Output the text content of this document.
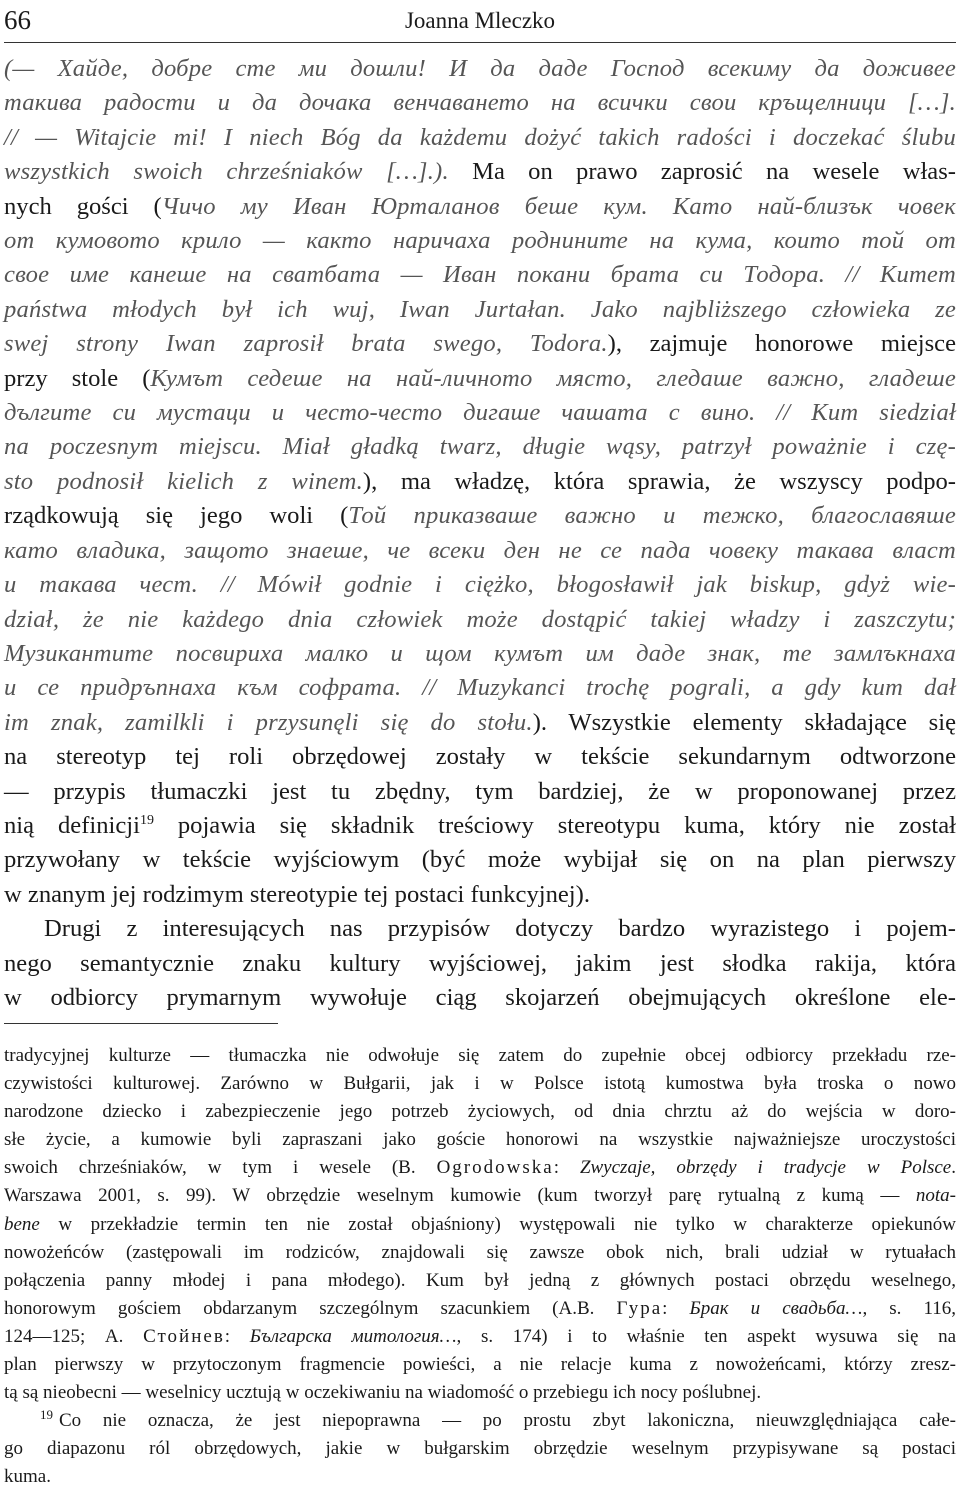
66	Joanna Mleczko

(— Хайде, добре сте ми дошли! И да даде Господ всекиму да доживее

такива радости и да дочака венчаването на всички свои кръщелници […].

// — Witajcie mi! I niech Bóg da każdemu dożyć takich radości i doczekać ślubu

wszystkich swoich chrześniaków […].). Ma on prawo zaprosić na wesele włas-

nych gości (Чичо му Иван Юрталанов беше кум. Като най-близък човек

от кумовото крило — както наричаха роднините на кума, които той от

свое име канеше на сватбата — Иван покани брата си Тодора. // Kumem

państwa młodych był ich wuj, Iwan Jurtałan. Jako najbliższego człowieka ze

swej strony Iwan zaprosił brata swego, Todora.), zajmuje honorowe miejsce

przy stole (Кумът седеше на най-личното място, гледаше важно, гладеше

дългите си мустаци и често-често дигаше чашата с вино. // Kum siedział

na poczesnym miejscu. Miał gładką twarz, długie wąsy, patrzył poważnie i czę-

sto podnosił kielich z winem.), ma władzę, która sprawia, że wszyscy podpo-

rządkowują się jego woli (Той приказваше важно и тежко, благославяше

като владика, защото знаеше, че всеки ден не се пада човеку такава власт

и такава чест. // Mówił godnie i ciężko, błogosławił jak biskup, gdyż wie-

dział, że nie każdego dnia człowiek może dostąpić takiej władzy i zaszczytu;

Музикантите посвириха малко и щом кумът им даде знак, те замлъкнаха

и се придръпнаха към софрата. // Muzykanci trochę pograli, a gdy kum dał

im znak, zamilkli i przysunęli się do stołu.). Wszystkie elementy składające się

na stereotyp tej roli obrzędowej zostały w tekście sekundarnym odtworzone

— przypis tłumaczki jest tu zbędny, tym bardziej, że w proponowanej przez

nią definicji$^{19}$ pojawia się składnik treściowy stereotypu kuma, który nie został

przywołany w tekście wyjściowym (być może wybijał się on na plan pierwszy

w znanym jej rodzimym stereotypie tej postaci funkcyjnej).

Drugi z interesujących nas przypisów dotyczy bardzo wyrazistego i pojem-

nego semantycznie znaku kultury wyjściowej, jakim jest słodka rakija, która

w odbiorcy prymarnym wywołuje ciąg skojarzeń obejmujących określone ele-

tradycyjnej kulturze — tłumaczka nie odwołuje się zatem do zupełnie obcej odbiorcy przekładu rze-

czywistości kulturowej. Zarówno w Bułgarii, jak i w Polsce istotą kumostwa była troska o nowo

narodzone dziecko i zabezpieczenie jego potrzeb życiowych, od dnia chrztu aż do wejścia w doro-

słe życie, a kumowie byli zapraszani jako goście honorowi na wszystkie najważniejsze uroczystości

swoich chrześniaków, w tym i wesele (B. Ogrodowska: Zwyczaje, obrzędy i tradycje w Polsce.

Warszawa 2001, s. 99). W obrzędzie weselnym kumowie (kum tworzył parę rytualną z kumą — nota-

bene w przekładzie termin ten nie został objaśniony) występowali nie tylko w charakterze opiekunów

nowożeńców (zastępowali im rodziców, znajdowali się zawsze obok nich, brali udział w rytuałach

połączenia panny młodej i pana młodego). Kum był jedną z głównych postaci obrzędu weselnego,

honorowym gościem obdarzanym szczególnym szacunkiem (А.В. Гура: Брак и свадьба…, s. 116,

124—125; А. Стойнев: Българска митология…, s. 174) i to właśnie ten aspekt wysuwa się na

plan pierwszy w przytoczonym fragmencie powieści, a nie relacje kuma z nowożeńcami, którzy zresz-

tą są nieobecni — weselnicy ucztują w oczekiwaniu na wiadomość o przebiegu ich nocy poślubnej.

$^{19}$ Co nie oznacza, że jest niepoprawna — po prostu zbyt lakoniczna, nieuwzględniająca całe-

go diapazonu ról obrzędowych, jakie w bułgarskim obrzędzie weselnym przypisywane są postaci

kuma.
